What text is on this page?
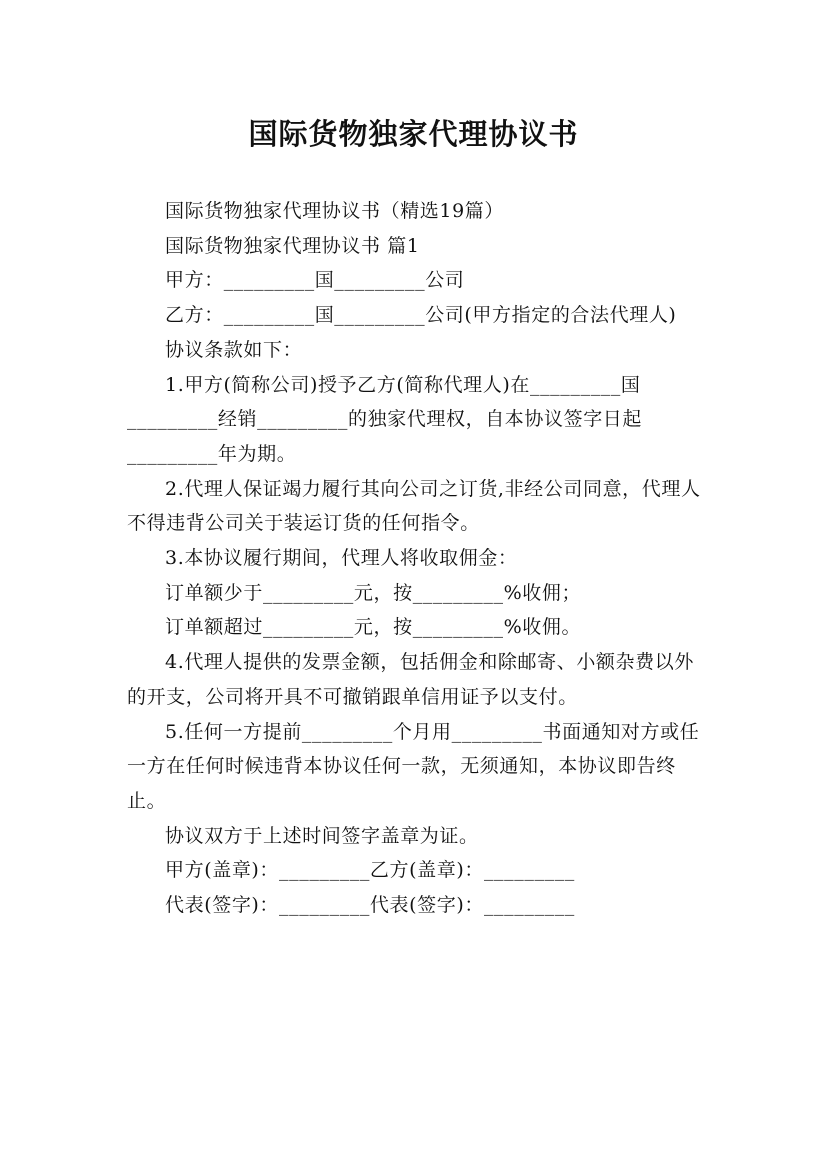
国际货物独家代理协议书

国际货物独家代理协议书（精选19篇）

国际货物独家代理协议书 篇1

甲方：_________国_________公司

乙方：_________国_________公司(甲方指定的合法代理人)

协议条款如下：

1.甲方(简称公司)授予乙方(简称代理人)在_________国_________经销_________的独家代理权，自本协议签字日起_________年为期。

2.代理人保证竭力履行其向公司之订货,非经公司同意，代理人不得违背公司关于装运订货的任何指令。

3.本协议履行期间，代理人将收取佣金：

订单额少于_________元，按_________%收佣；

订单额超过_________元，按_________%收佣。

4.代理人提供的发票金额，包括佣金和除邮寄、小额杂费以外的开支，公司将开具不可撤销跟单信用证予以支付。

5.任何一方提前_________个月用_________书面通知对方或任一方在任何时候违背本协议任何一款，无须通知，本协议即告终止。

协议双方于上述时间签字盖章为证。

甲方(盖章)：_________乙方(盖章)：_________

代表(签字)：_________代表(签字)：_________
